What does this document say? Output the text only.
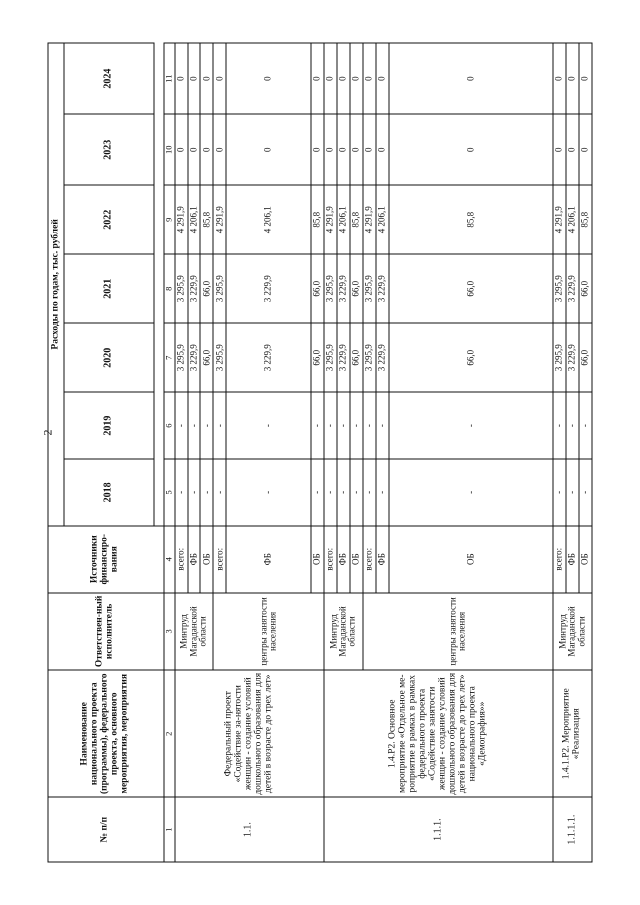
2
№ п/п	Наименование национального проекта (программы), федерального проекта, основного мероприятия, мероприятия	Ответствен-ный исполнитель	Источники финансиро-вания	Расходы по годам, тыс. рублей						
				2018	2019	2020	2021	2022	2023	2024

1	2	3	4	5	6	7	8	9	10	11
1.1.	Федеральный проект «Содействие за-нятости женщин - создание условий дошкольного образования для детей в возрасте до трех лет»	Минтруд Магаданской области	всего:	-	-	3 295,9	3 295,9	4 291,9	0	0
			ФБ	-	-	3 229,9	3 229,9	4 206,1	0	0
			ОБ	-	-	66,0	66,0	85,8	0	0
		центры занятости населения	всего:	-	-	3 295,9	3 295,9	4 291,9	0	0
			ФБ	-	-	3 229,9	3 229,9	4 206,1	0	0
			ОБ	-	-	66,0	66,0	85,8	0	0
1.1.1.	1.4.Р2. Основное мероприятие «Отдельное ме-роприятие в рамках в рамках федерального проекта «Содействие занятости женщин - создание условий дошкольного образования для детей в возрасте до трех лет» национального проекта «Демография»»	Минтруд Магаданской области	всего:	-	-	3 295,9	3 295,9	4 291,9	0	0
			ФБ	-	-	3 229,9	3 229,9	4 206,1	0	0
			ОБ	-	-	66,0	66,0	85,8	0	0
		центры занятости населения	всего:	-	-	3 295,9	3 295,9	4 291,9	0	0
			ФБ	-	-	3 229,9	3 229,9	4 206,1	0	0
			ОБ	-	-	66,0	66,0	85,8	0	0
1.1.1.1.	1.4.1.Р2. Мероприятие «Реализация	Минтруд Магаданской области	всего:	-	-	3 295,9	3 295,9	4 291,9	0	0
			ФБ	-	-	3 229,9	3 229,9	4 206,1	0	0
			ОБ	-	-	66,0	66,0	85,8	0	0
